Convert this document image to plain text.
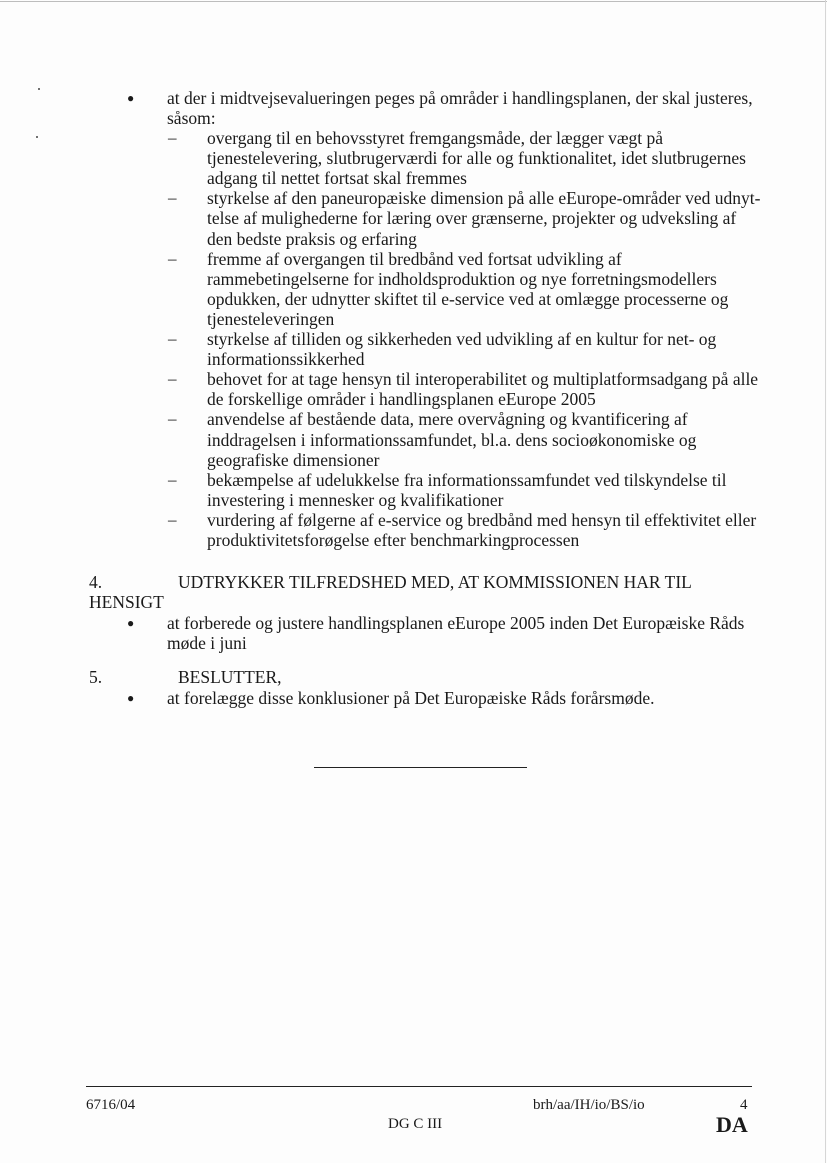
● at der i midtvejsevalueringen peges på områder i handlingsplanen, der skal justeres,
såsom:
– overgang til en behovsstyret fremgangsmåde, der lægger vægt på
tjenestelevering, slutbrugerværdi for alle og funktionalitet, idet slutbrugernes
adgang til nettet fortsat skal fremmes
– styrkelse af den paneuropæiske dimension på alle eEurope-områder ved udnyt-
telse af mulighederne for læring over grænserne, projekter og udveksling af
den bedste praksis og erfaring
– fremme af overgangen til bredbånd ved fortsat udvikling af
rammebetingelserne for indholdsproduktion og nye forretningsmodellers
opdukken, der udnytter skiftet til e-service ved at omlægge processerne og
tjenesteleveringen
– styrkelse af tilliden og sikkerheden ved udvikling af en kultur for net- og
informationssikkerhed
– behovet for at tage hensyn til interoperabilitet og multiplatformsadgang på alle
de forskellige områder i handlingsplanen eEurope 2005
– anvendelse af bestående data, mere overvågning og kvantificering af
inddragelsen i informationssamfundet, bl.a. dens socioøkonomiske og
geografiske dimensioner
– bekæmpelse af udelukkelse fra informationssamfundet ved tilskyndelse til
investering i mennesker og kvalifikationer
– vurdering af følgerne af e-service og bredbånd med hensyn til effektivitet eller
produktivitetsforøgelse efter benchmarkingprocessen
4.	UDTRYKKER TILFREDSHED MED, AT KOMMISSIONEN HAR TIL
HENSIGT
● at forberede og justere handlingsplanen eEurope 2005 inden Det Europæiske Råds
møde i juni
5.	BESLUTTER,
● at forelægge disse konklusioner på Det Europæiske Råds forårsmøde.
6716/04	brh/aa/IH/io/BS/io	4
DG C III	DA
